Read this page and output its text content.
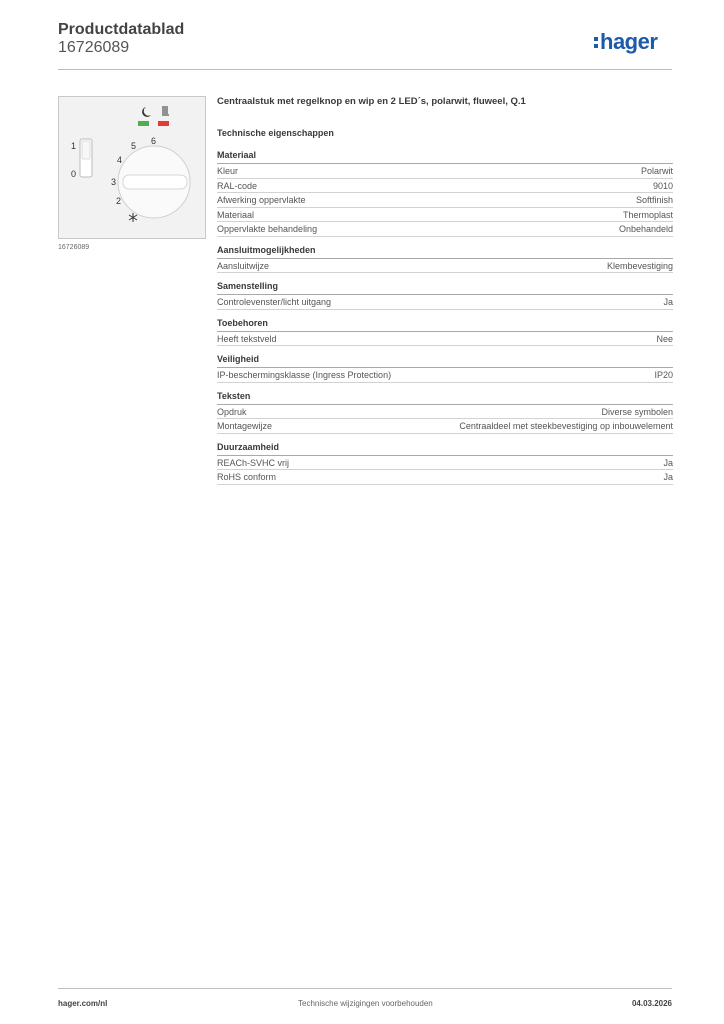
Productdatablad
16726089	hager
1
0
2
3
4
5 6
16726089
Centraalstuk met regelknop en wip en 2 LED´s, polarwit, fluweel, Q.1
Technische eigenschappen
Materiaal
Kleur	Polarwit
RAL-code	9010
Afwerking oppervlakte	Softfinish
Materiaal	Thermoplast
Oppervlakte behandeling	Onbehandeld
Aansluitmogelijkheden
Aansluitwijze	Klembevestiging
Samenstelling
Controlevenster/licht uitgang	Ja
Toebehoren
Heeft tekstveld	Nee
Veiligheid
IP-beschermingsklasse (Ingress Protection)	IP20
Teksten
Opdruk	Diverse symbolen
Montagewijze	Centraaldeel met steekbevestiging op inbouwelement
Duurzaamheid
REACh-SVHC vrij	Ja
RoHS conform	Ja
hager.com/nl	Technische wijzigingen voorbehouden	04.03.2026
